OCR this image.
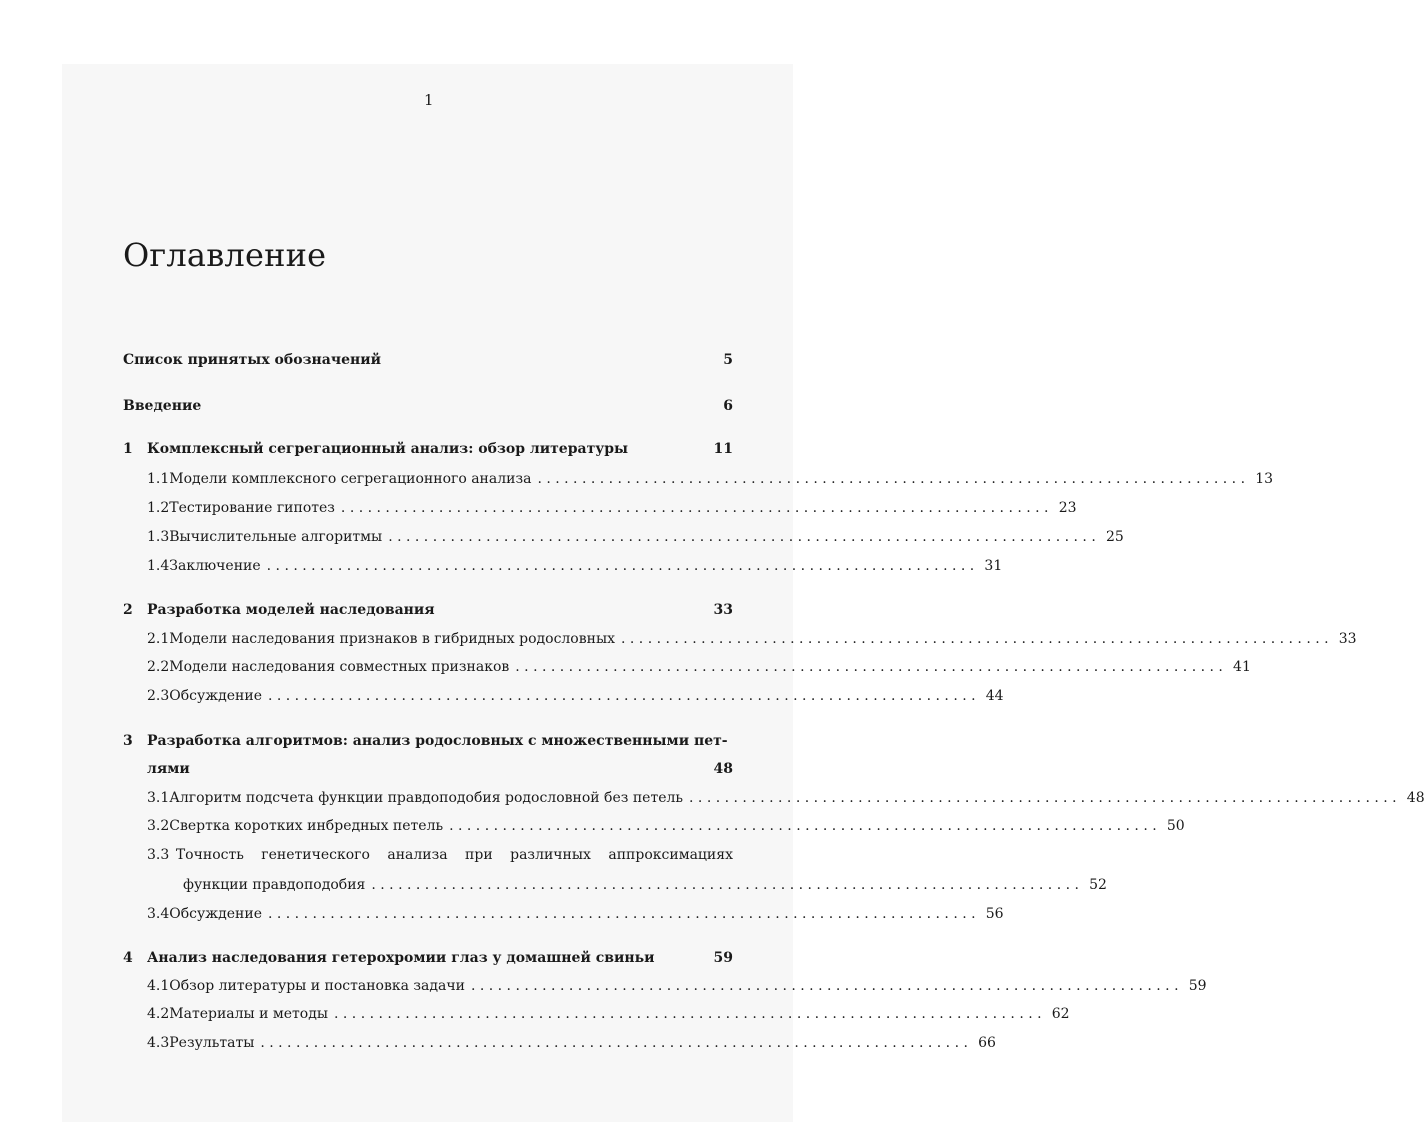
1
Оглавление
Список принятых обозначений	5
Введение	6
1	Комплексный сегрегационный анализ: обзор литературы	11
1.1 Модели комплексного сегрегационного анализа . . .	13
1.2 Тестирование гипотез . . .	23
1.3 Вычислительные алгоритмы . . .	25
1.4 Заключение . . .	31
2	Разработка моделей наследования	33
2.1 Модели наследования признаков в гибридных родословных . . .	33
2.2 Модели наследования совместных признаков . . .	41
2.3 Обсуждение . . .	44
3	Разработка алгоритмов: анализ родословных с множественными пет-
лями	48
3.1 Алгоритм подсчета функции правдоподобия родословной без петель . . .	48
3.2 Свертка коротких инбредных петель . . .	50
3.3 Точность генетического анализа при различных аппроксимациях
функции правдоподобия . . .	52
3.4 Обсуждение . . .	56
4	Анализ наследования гетерохромии глаз у домашней свиньи	59
4.1 Обзор литературы и постановка задачи . . .	59
4.2 Материалы и методы . . .	62
4.3 Результаты . . .	66
